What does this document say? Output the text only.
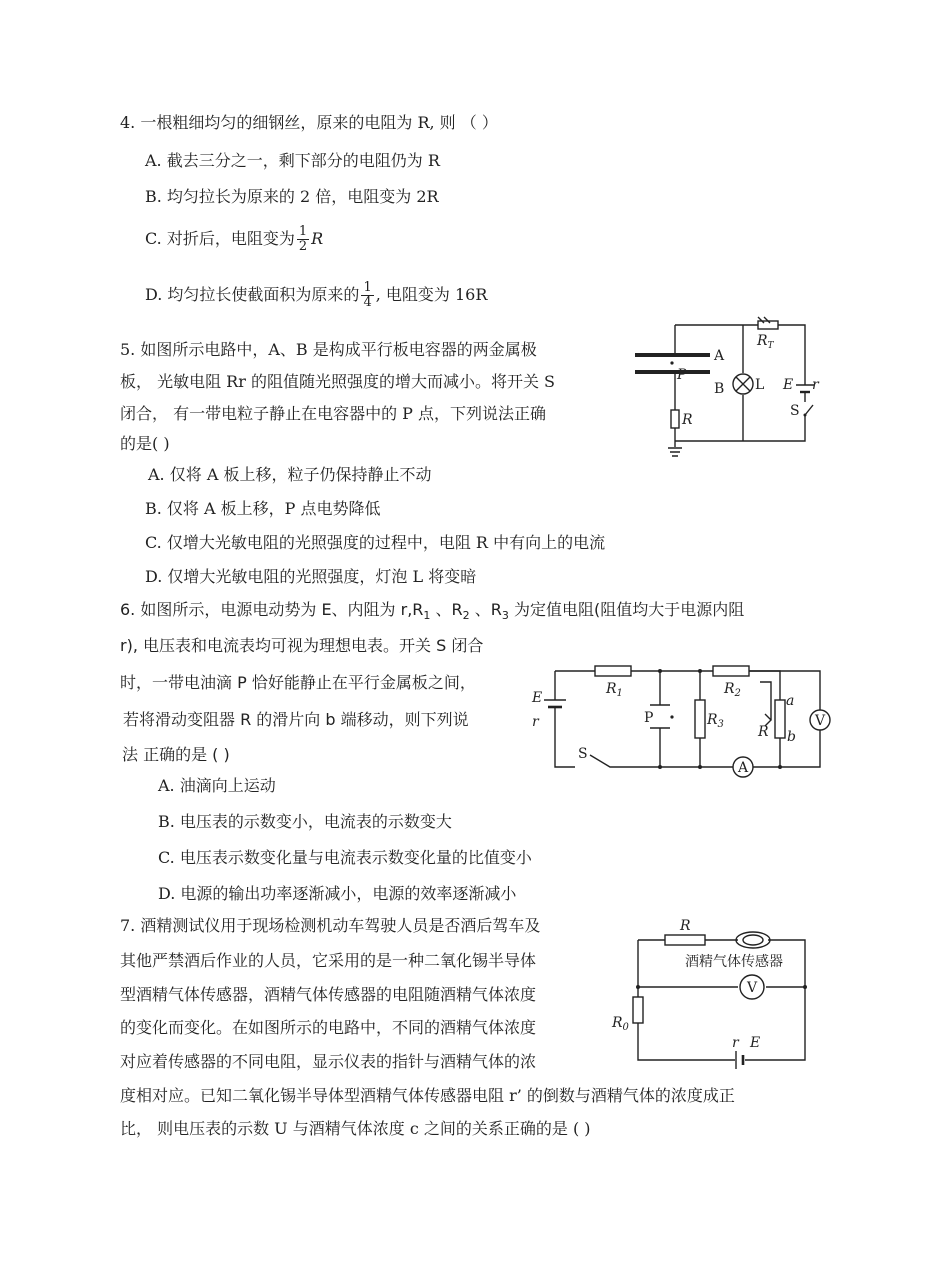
4. 一根粗细均匀的细钢丝，原来的电阻为 R, 则 （ ）
A. 截去三分之一，剩下部分的电阻仍为 R
B. 均匀拉长为原来的 2 倍，电阻变为 2R
C. 对折后，电阻变为 $\frac{1}{2}$ R
D. 均匀拉长使截面积为原来的 $\frac{1}{4}$ , 电阻变为 16R
5. 如图所示电路中，A、B 是构成平行板电容器的两金属极
板， 光敏电阻 Rr 的阻值随光照强度的增大而减小。将开关 S
闭合， 有一带电粒子静止在电容器中的 P 点，下列说法正确
的是( )
A. 仅将 A 板上移，粒子仍保持静止不动
B. 仅将 A 板上移，P 点电势降低
C. 仅增大光敏电阻的光照强度的过程中，电阻 R 中有向上的电流
D. 仅增大光敏电阻的光照强度，灯泡 L 将变暗
A
B
P
R
$R_T$
L E r
S
6. 如图所示，电源电动势为 E、内阻为 $r,R_1$ 、$R_2$ 、$R_3$ 为定值电阻(阻值均大于电源内阻
r), 电压表和电流表均可视为理想电表。开关 S 闭合
时，一带电油滴 P 恰好能静止在平行金属板之间，
若将滑动变阻器 R 的滑片向 b 端移动，则下列说
法 正确的是 ( )
A. 油滴向上运动
B. 电压表的示数变小，电流表的示数变大
C. 电压表示数变化量与电流表示数变化量的比值变小
D. 电源的输出功率逐渐减小，电源的效率逐渐减小
E
r
S
$R_1$	$R_2$
$R_3$
P
R
a
b
V
A
7. 酒精测试仪用于现场检测机动车驾驶人员是否酒后驾车及
其他严禁酒后作业的人员，它采用的是一种二氧化锡半导体
型酒精气体传感器，酒精气体传感器的电阻随酒精气体浓度
的变化而变化。在如图所示的电路中，不同的酒精气体浓度
对应着传感器的不同电阻，显示仪表的指针与酒精气体的浓
度相对应。已知二氧化锡半导体型酒精气体传感器电阻 r’ 的倒数与酒精气体的浓度成正
比， 则电压表的示数 U 与酒精气体浓度 c 之间的关系正确的是 ( )
R
酒精气体传感器
V
$R_0$
r E
